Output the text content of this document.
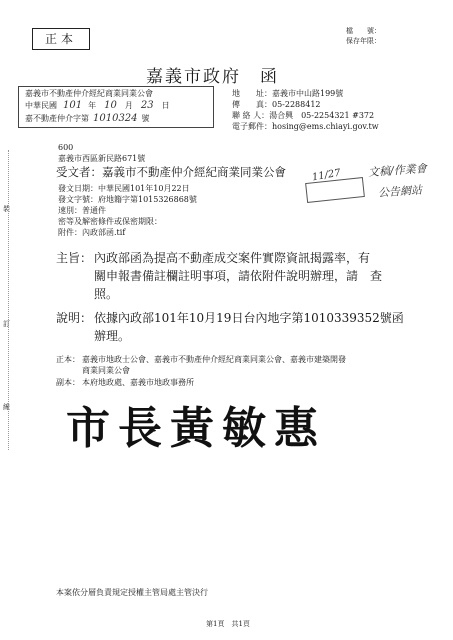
正本
檔　　號：
保存年限：
嘉義市政府　函
嘉義市不動產仲介經紀商業同業公會
中華民國 101 年 10 月 23 日
嘉不動產仲介字第 1010324 號
地　　址：嘉義市中山路199號
傳　　真：05-2288412
聯 絡 人：湯合興　05-2254321 #372
電子郵件：hosing@ems.chiayi.gov.tw
600
嘉義市西區新民路671號
受文者：嘉義市不動產仲介經紀商業同業公會	11/27 文稿/作業會
公告網站
發文日期：中華民國101年10月22日
發文字號：府地籍字第1015326868號
速別：普通件
密等及解密條件或保密期限：
附件：內政部函.tif
裝
訂
線
主旨： 內政部函為提高不動產成交案件實際資訊揭露率，有
關申報書備註欄註明事項，請依附件說明辦理，請　查
照。
說明： 依據內政部101年10月19日台內地字第1010339352號函
辦理。
正本： 嘉義市地政士公會、嘉義市不動產仲介經紀商業同業公會、嘉義市建築開發
商業同業公會
副本： 本府地政處、嘉義市地政事務所
市長黃敏惠
本案依分層負責規定授權主管局處主管決行
第1頁　共1頁
